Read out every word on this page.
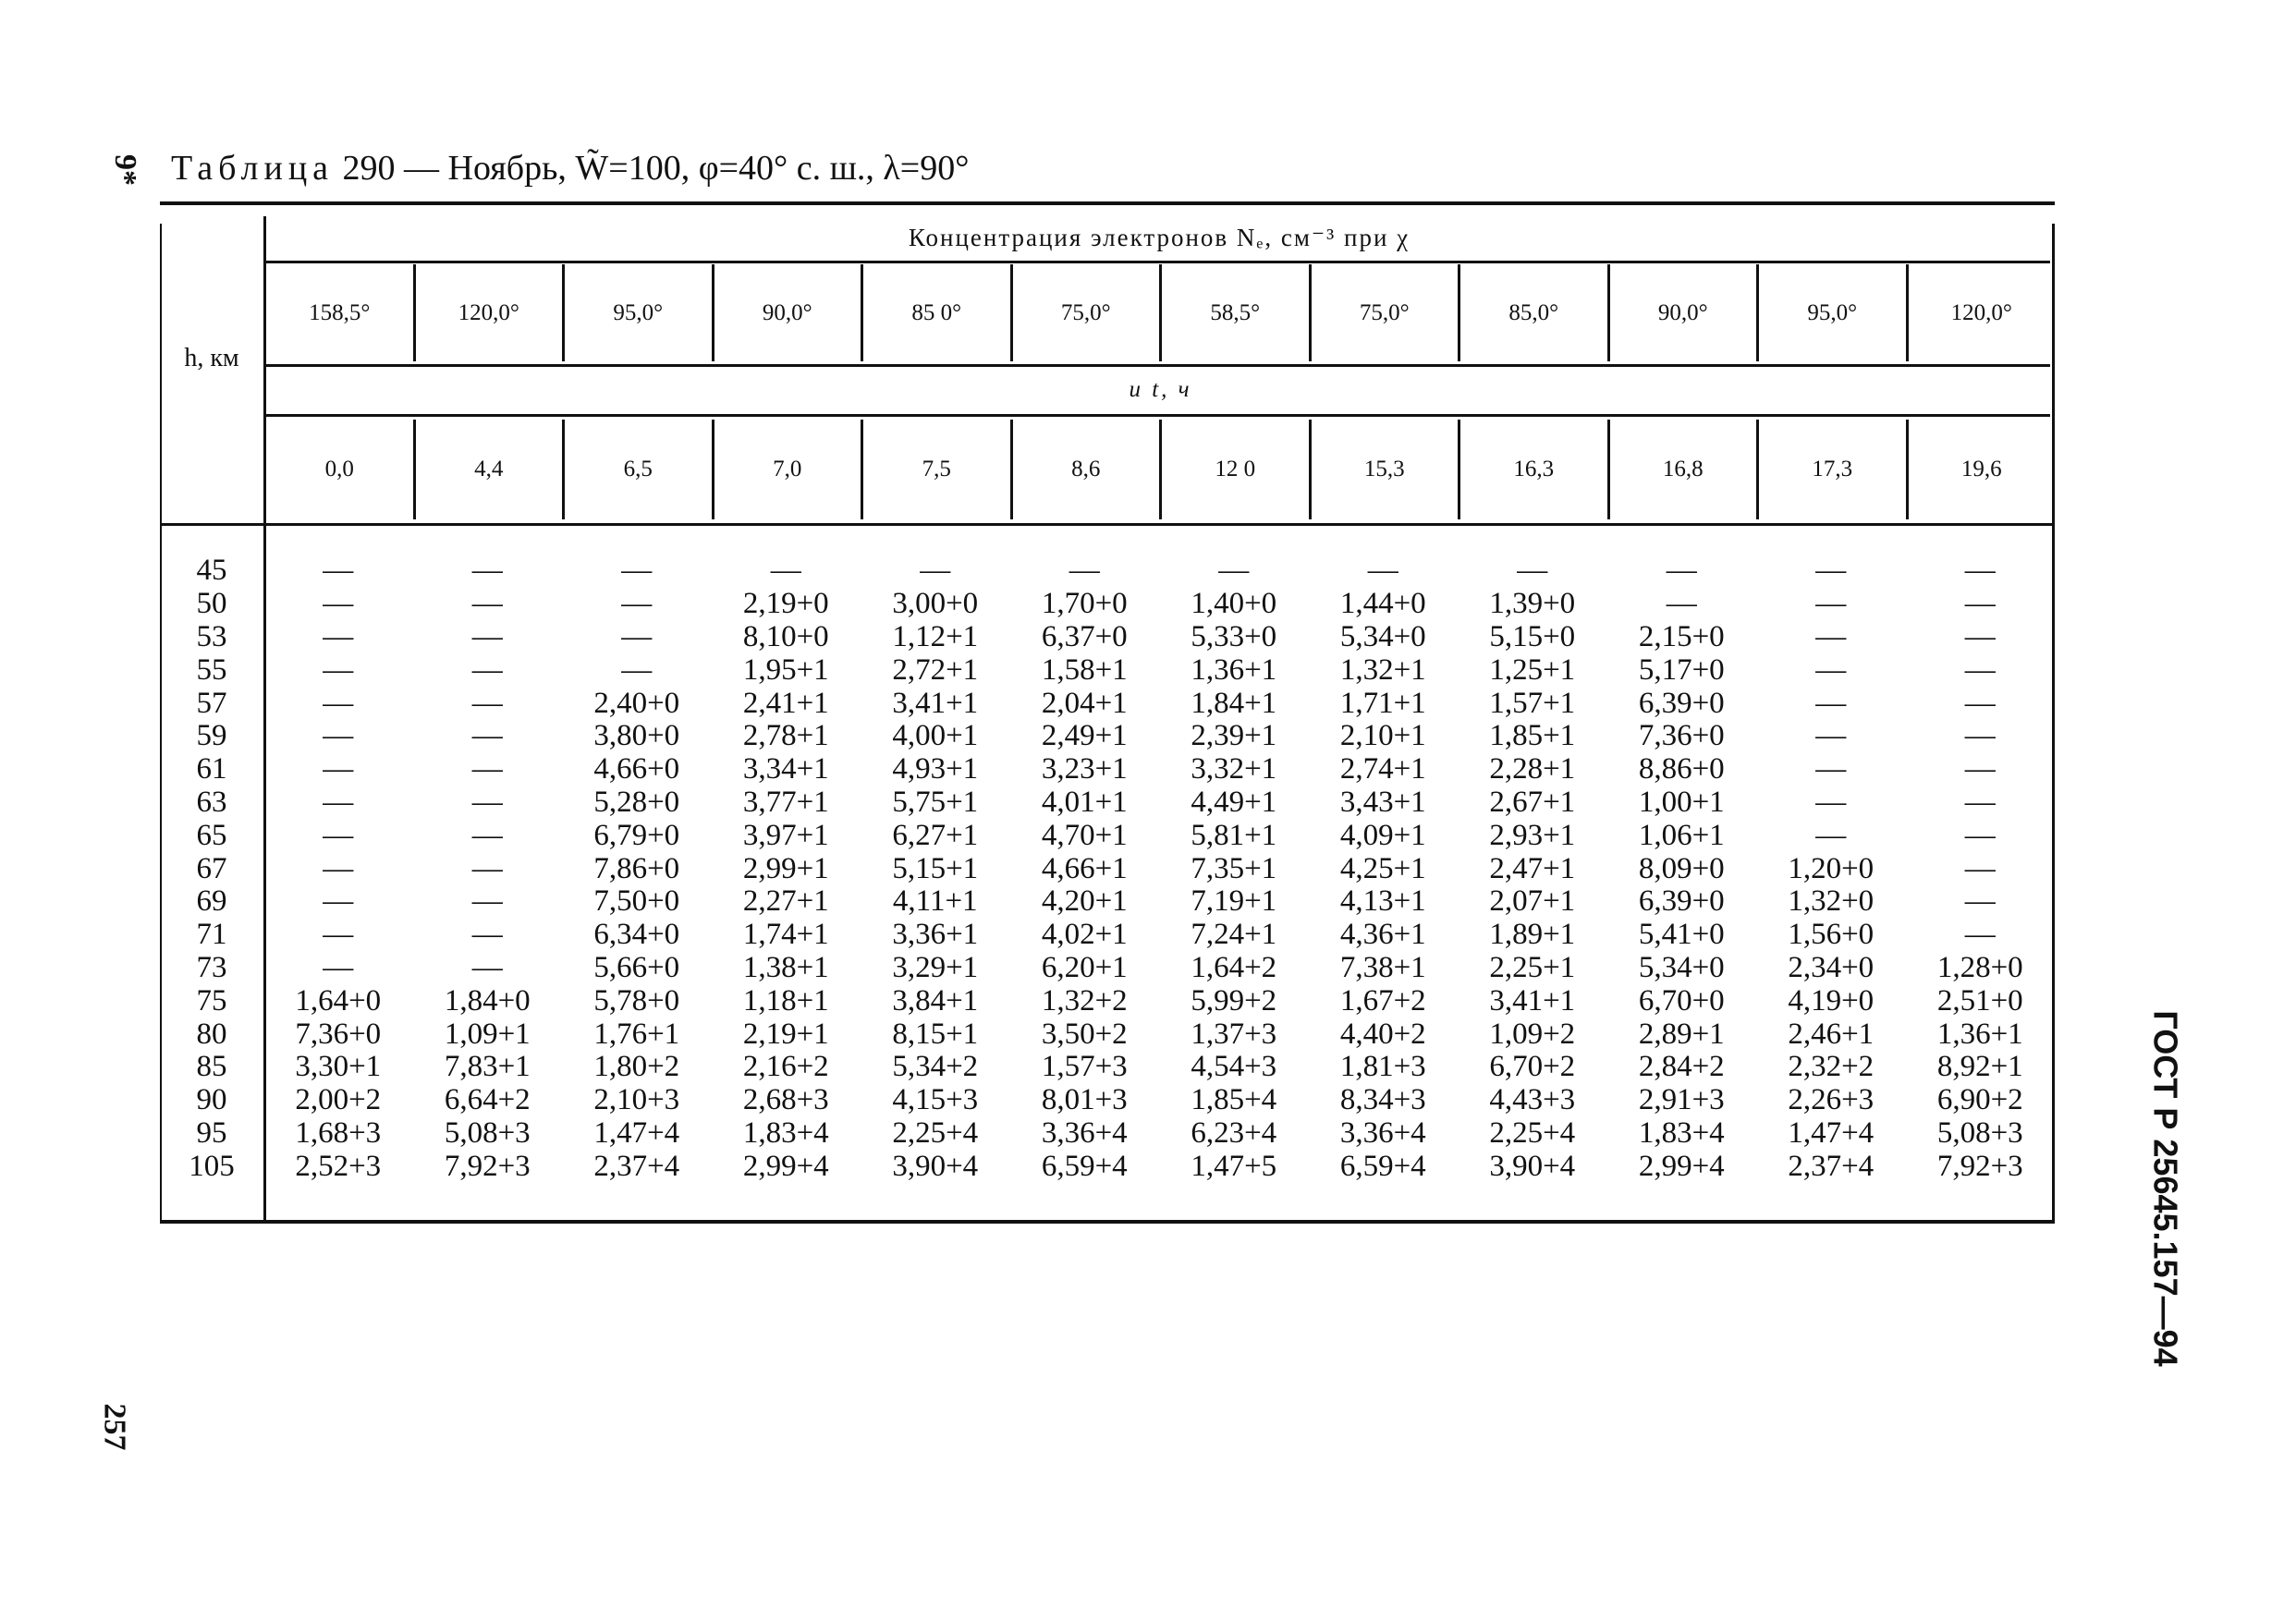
9*
257
ГОСТ Р 25645.157—94
Таблица 290 — Ноябрь, W̃=100, φ=40° с. ш., λ=90°
Концентрация электронов Nₑ, см⁻³ при χ
158,5°	120,0°	95,0°	90,0°	85 0°	75,0°	58,5°	75,0°	85,0°	90,0°	95,0°	120,0°
и t, ч
h, км
0,0	4,4	6,5	7,0	7,5	8,6	12 0	15,3	16,3	16,8	17,3	19,6
45	—	—	—	—	—	—	—	—	—	—	—	—
50	—	—	—	2,19+0	3,00+0	1,70+0	1,40+0	1,44+0	1,39+0	—	—	—
53	—	—	—	8,10+0	1,12+1	6,37+0	5,33+0	5,34+0	5,15+0	2,15+0	—	—
55	—	—	—	1,95+1	2,72+1	1,58+1	1,36+1	1,32+1	1,25+1	5,17+0	—	—
57	—	—	2,40+0	2,41+1	3,41+1	2,04+1	1,84+1	1,71+1	1,57+1	6,39+0	—	—
59	—	—	3,80+0	2,78+1	4,00+1	2,49+1	2,39+1	2,10+1	1,85+1	7,36+0	—	—
61	—	—	4,66+0	3,34+1	4,93+1	3,23+1	3,32+1	2,74+1	2,28+1	8,86+0	—	—
63	—	—	5,28+0	3,77+1	5,75+1	4,01+1	4,49+1	3,43+1	2,67+1	1,00+1	—	—
65	—	—	6,79+0	3,97+1	6,27+1	4,70+1	5,81+1	4,09+1	2,93+1	1,06+1	—	—
67	—	—	7,86+0	2,99+1	5,15+1	4,66+1	7,35+1	4,25+1	2,47+1	8,09+0	1,20+0	—
69	—	—	7,50+0	2,27+1	4,11+1	4,20+1	7,19+1	4,13+1	2,07+1	6,39+0	1,32+0	—
71	—	—	6,34+0	1,74+1	3,36+1	4,02+1	7,24+1	4,36+1	1,89+1	5,41+0	1,56+0	—
73	—	—	5,66+0	1,38+1	3,29+1	6,20+1	1,64+2	7,38+1	2,25+1	5,34+0	2,34+0	1,28+0
75	1,64+0	1,84+0	5,78+0	1,18+1	3,84+1	1,32+2	5,99+2	1,67+2	3,41+1	6,70+0	4,19+0	2,51+0
80	7,36+0	1,09+1	1,76+1	2,19+1	8,15+1	3,50+2	1,37+3	4,40+2	1,09+2	2,89+1	2,46+1	1,36+1
85	3,30+1	7,83+1	1,80+2	2,16+2	5,34+2	1,57+3	4,54+3	1,81+3	6,70+2	2,84+2	2,32+2	8,92+1
90	2,00+2	6,64+2	2,10+3	2,68+3	4,15+3	8,01+3	1,85+4	8,34+3	4,43+3	2,91+3	2,26+3	6,90+2
95	1,68+3	5,08+3	1,47+4	1,83+4	2,25+4	3,36+4	6,23+4	3,36+4	2,25+4	1,83+4	1,47+4	5,08+3
105	2,52+3	7,92+3	2,37+4	2,99+4	3,90+4	6,59+4	1,47+5	6,59+4	3,90+4	2,99+4	2,37+4	7,92+3
